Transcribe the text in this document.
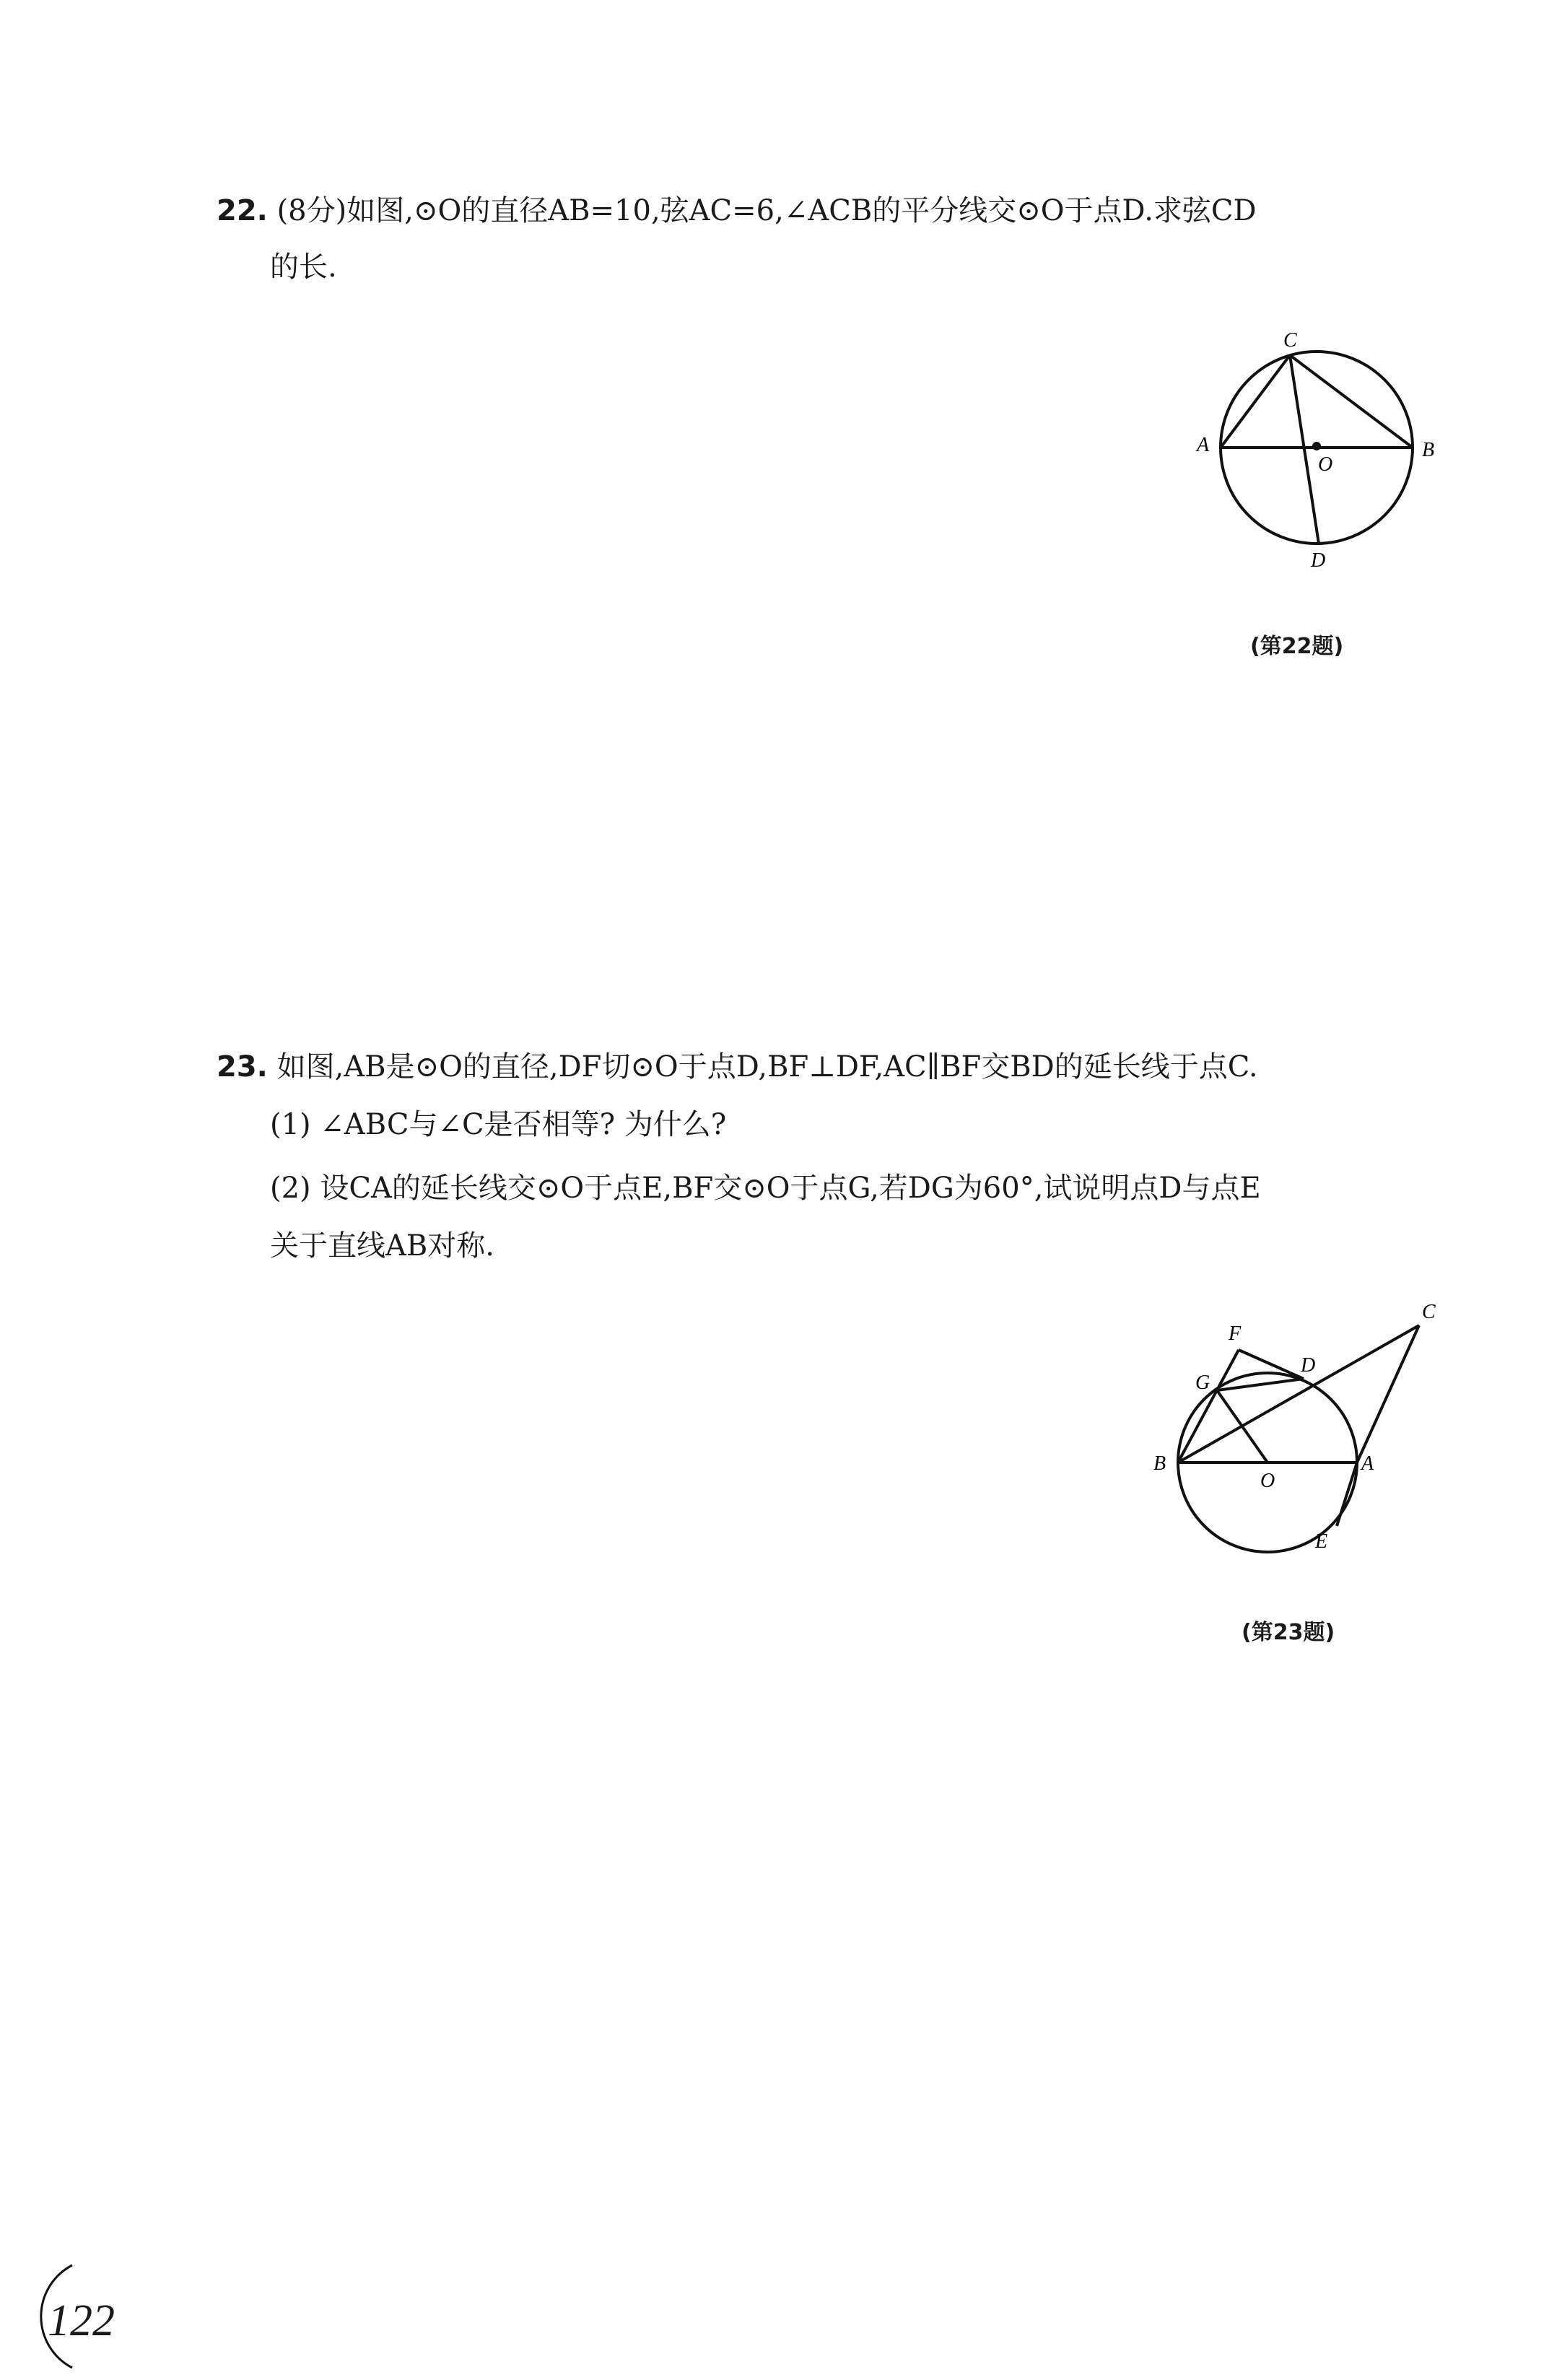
22. (8分)如图,⊙O的直径AB=10,弦AC=6,∠ACB的平分线交⊙O于点D.求弦CD
的长.
C
A	B
O
D
(第22题)
23. 如图,AB是⊙O的直径,DF切⊙O于点D,BF⊥DF,AC∥BF交BD的延长线于点C.
(1) ∠ABC与∠C是否相等? 为什么?
(2) 设CA的延长线交⊙O于点E,BF交⊙O于点G,若DG为60°,试说明点D与点E
关于直线AB对称.
F
G
D
C
B
O
A
E
(第23题)
122
